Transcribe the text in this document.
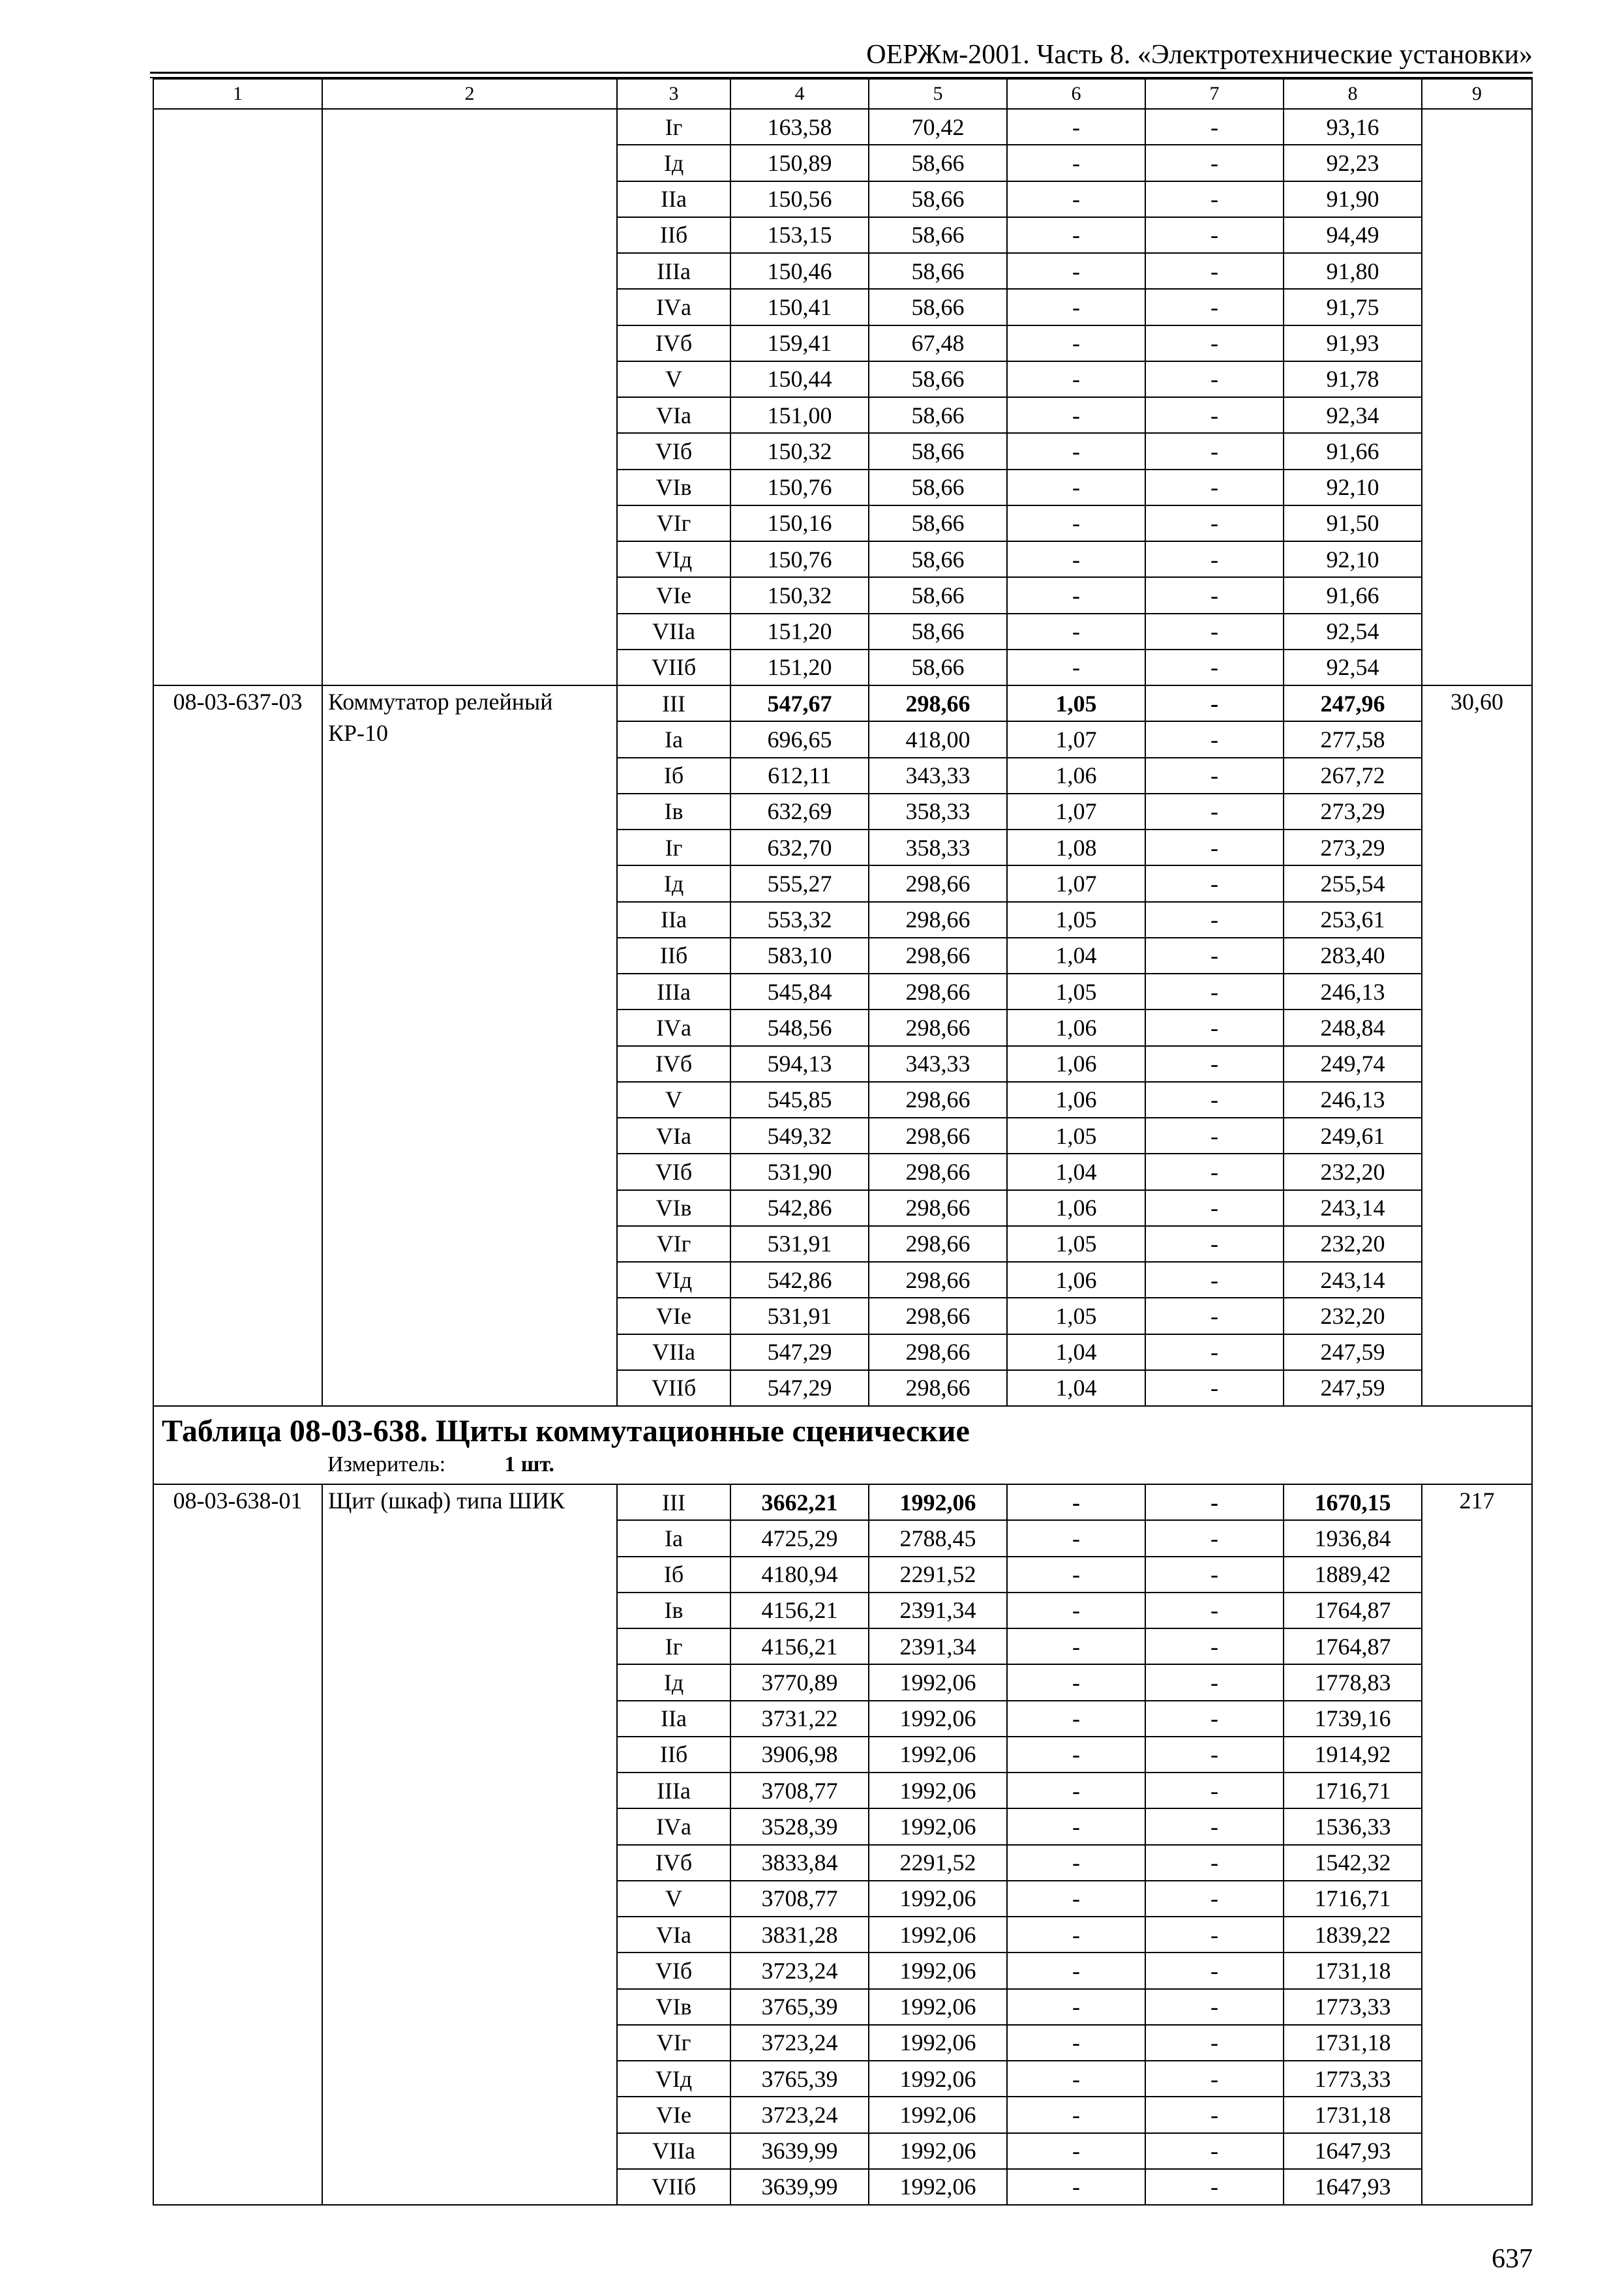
ОЕРЖм-2001. Часть 8. «Электротехнические установки»
1	2	3	4	5	6	7	8	9
		Iг	163,58	70,42	-	-	93,16	
		Iд	150,89	58,66	-	-	92,23	
		IIа	150,56	58,66	-	-	91,90	
		IIб	153,15	58,66	-	-	94,49	
		IIIа	150,46	58,66	-	-	91,80	
		IVа	150,41	58,66	-	-	91,75	
		IVб	159,41	67,48	-	-	91,93	
		V	150,44	58,66	-	-	91,78	
		VIа	151,00	58,66	-	-	92,34	
		VIб	150,32	58,66	-	-	91,66	
		VIв	150,76	58,66	-	-	92,10	
		VIг	150,16	58,66	-	-	91,50	
		VIд	150,76	58,66	-	-	92,10	
		VIе	150,32	58,66	-	-	91,66	
		VIIа	151,20	58,66	-	-	92,54	
		VIIб	151,20	58,66	-	-	92,54	
08-03-637-03	Коммутатор релейный КР-10	III	547,67	298,66	1,05	-	247,96	30,60
		Iа	696,65	418,00	1,07	-	277,58	
		Iб	612,11	343,33	1,06	-	267,72	
		Iв	632,69	358,33	1,07	-	273,29	
		Iг	632,70	358,33	1,08	-	273,29	
		Iд	555,27	298,66	1,07	-	255,54	
		IIа	553,32	298,66	1,05	-	253,61	
		IIб	583,10	298,66	1,04	-	283,40	
		IIIа	545,84	298,66	1,05	-	246,13	
		IVа	548,56	298,66	1,06	-	248,84	
		IVб	594,13	343,33	1,06	-	249,74	
		V	545,85	298,66	1,06	-	246,13	
		VIа	549,32	298,66	1,05	-	249,61	
		VIб	531,90	298,66	1,04	-	232,20	
		VIв	542,86	298,66	1,06	-	243,14	
		VIг	531,91	298,66	1,05	-	232,20	
		VIд	542,86	298,66	1,06	-	243,14	
		VIе	531,91	298,66	1,05	-	232,20	
		VIIа	547,29	298,66	1,04	-	247,59	
		VIIб	547,29	298,66	1,04	-	247,59	

Таблица 08-03-638. Щиты коммутационные сценические
Измеритель: 1 шт.								

08-03-638-01	Щит (шкаф) типа ШИК	III	3662,21	1992,06	-	-	1670,15	217
		Iа	4725,29	2788,45	-	-	1936,84	
		Iб	4180,94	2291,52	-	-	1889,42	
		Iв	4156,21	2391,34	-	-	1764,87	
		Iг	4156,21	2391,34	-	-	1764,87	
		Iд	3770,89	1992,06	-	-	1778,83	
		IIа	3731,22	1992,06	-	-	1739,16	
		IIб	3906,98	1992,06	-	-	1914,92	
		IIIа	3708,77	1992,06	-	-	1716,71	
		IVа	3528,39	1992,06	-	-	1536,33	
		IVб	3833,84	2291,52	-	-	1542,32	
		V	3708,77	1992,06	-	-	1716,71	
		VIа	3831,28	1992,06	-	-	1839,22	
		VIб	3723,24	1992,06	-	-	1731,18	
		VIв	3765,39	1992,06	-	-	1773,33	
		VIг	3723,24	1992,06	-	-	1731,18	
		VIд	3765,39	1992,06	-	-	1773,33	
		VIе	3723,24	1992,06	-	-	1731,18	
		VIIа	3639,99	1992,06	-	-	1647,93	
		VIIб	3639,99	1992,06	-	-	1647,93	
637
